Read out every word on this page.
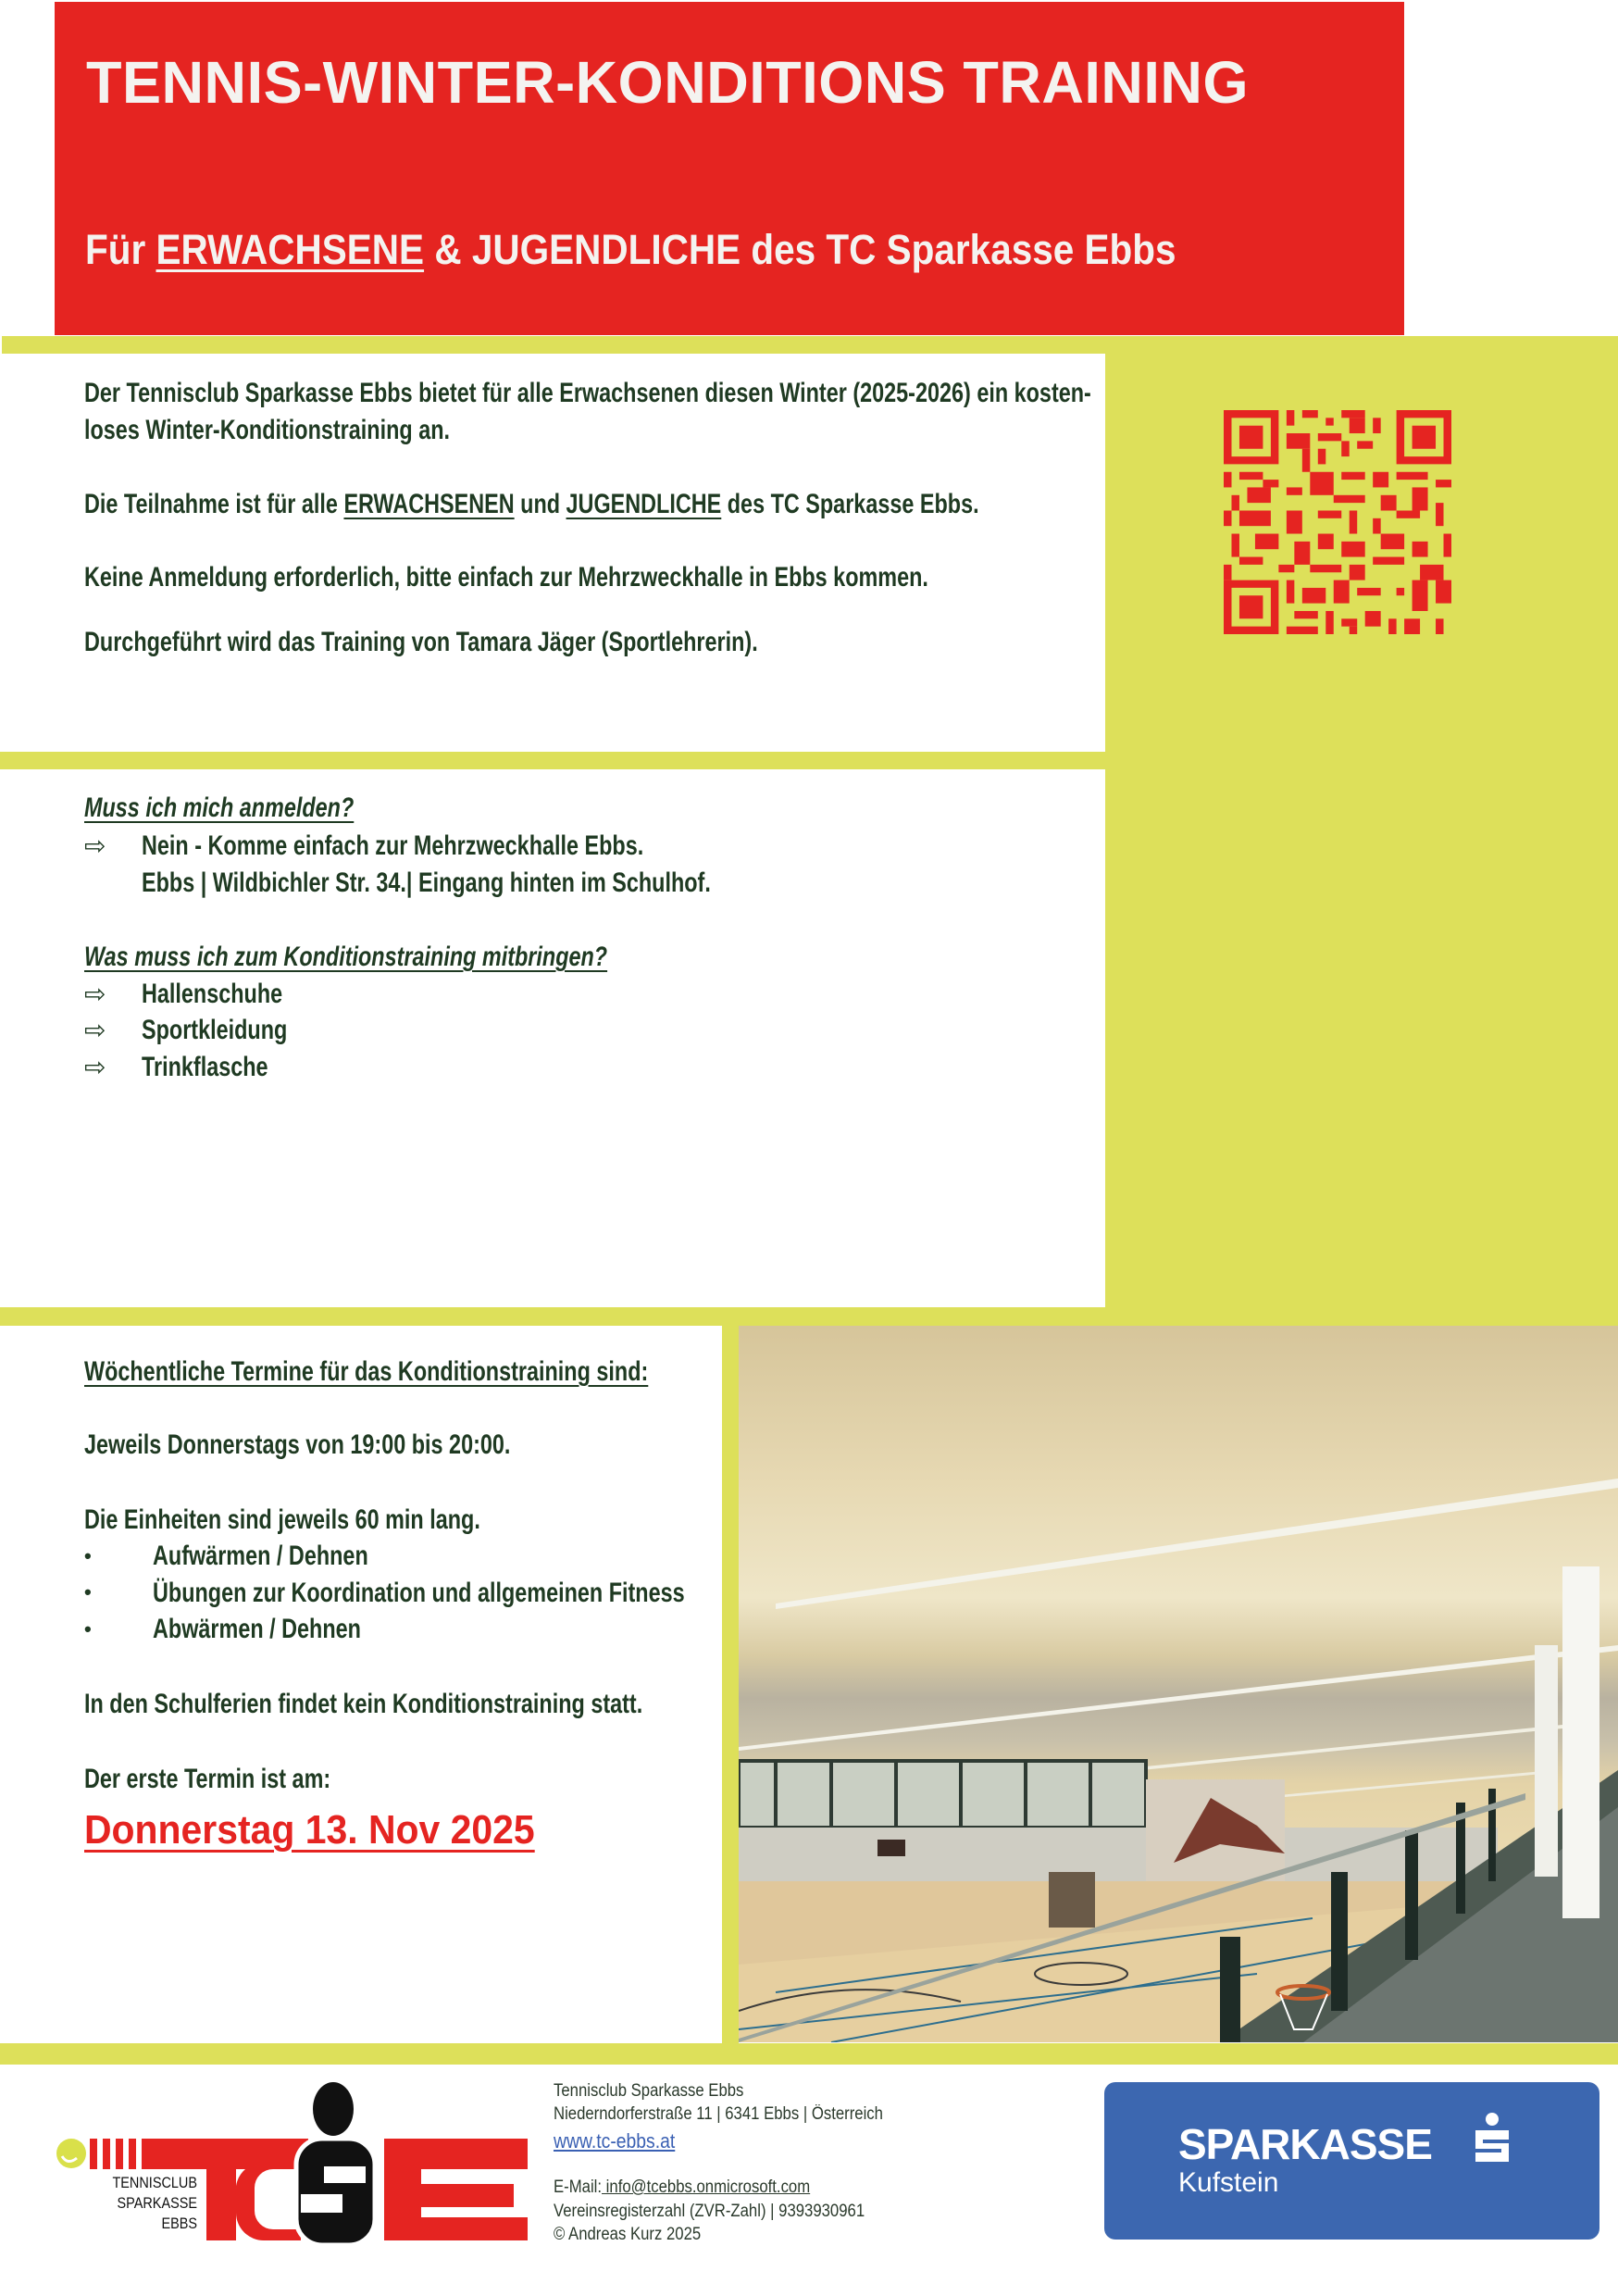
TENNIS-WINTER-KONDITIONS TRAINING
Für ERWACHSENE & JUGENDLICHE des TC Sparkasse Ebbs
Der Tennisclub Sparkasse Ebbs bietet für alle Erwachsenen diesen Winter (2025-2026) ein kosten-
loses Winter-Konditionstraining an.
Die Teilnahme ist für alle ERWACHSENEN und JUGENDLICHE des TC Sparkasse Ebbs.
Keine Anmeldung erforderlich, bitte einfach zur Mehrzweckhalle in Ebbs kommen.
Durchgeführt wird das Training von Tamara Jäger (Sportlehrerin).
Muss ich mich anmelden?
⇨ Nein - Komme einfach zur Mehrzweckhalle Ebbs.
Ebbs | Wildbichler Str. 34.| Eingang hinten im Schulhof.
Was muss ich zum Konditionstraining mitbringen?
⇨ Hallenschuhe
⇨ Sportkleidung
⇨ Trinkflasche
Wöchentliche Termine für das Konditionstraining sind:
Jeweils Donnerstags von 19:00 bis 20:00.
Die Einheiten sind jeweils 60 min lang.
• Aufwärmen / Dehnen
• Übungen zur Koordination und allgemeinen Fitness
• Abwärmen / Dehnen
In den Schulferien findet kein Konditionstraining statt.
Der erste Termin ist am:
Donnerstag 13. Nov 2025
TENNISCLUB
SPARKASSE
EBBS
Tennisclub Sparkasse Ebbs
Niederndorferstraße 11 | 6341 Ebbs | Österreich
www.tc-ebbs.at
E-Mail: info@tcebbs.onmicrosoft.com
Vereinsregisterzahl (ZVR-Zahl) | 9393930961
© Andreas Kurz 2025
SPARKASSE
Kufstein
